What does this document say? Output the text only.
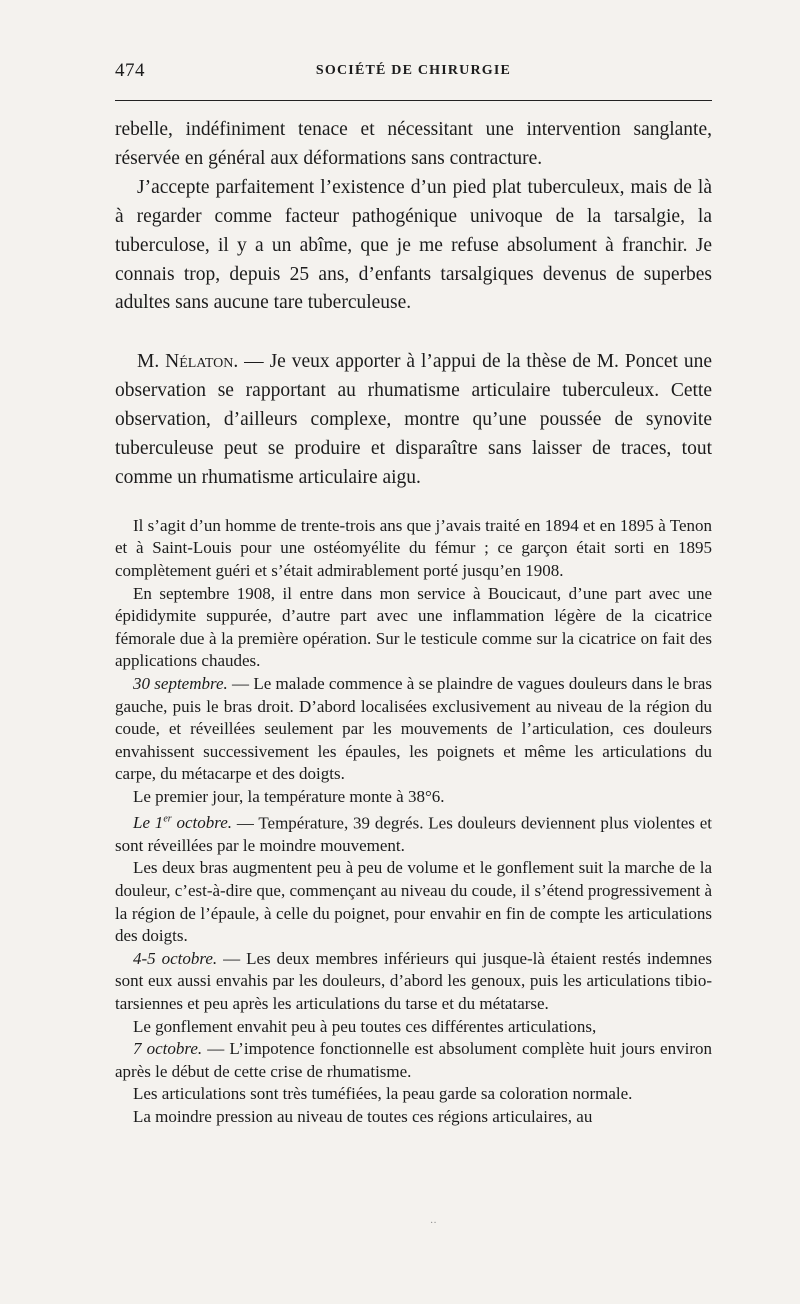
474	SOCIÉTÉ DE CHIRURGIE

rebelle, indéfiniment tenace et nécessitant une intervention sanglante, réservée en général aux déformations sans contracture.

J’accepte parfaitement l’existence d’un pied plat tuberculeux, mais de là à regarder comme facteur pathogénique univoque de la tarsalgie, la tuberculose, il y a un abîme, que je me refuse absolument à franchir. Je connais trop, depuis 25 ans, d’enfants tarsalgiques devenus de superbes adultes sans aucune tare tuberculeuse.

M. Nélaton. — Je veux apporter à l’appui de la thèse de M. Poncet une observation se rapportant au rhumatisme articulaire tuberculeux. Cette observation, d’ailleurs complexe, montre qu’une poussée de synovite tuberculeuse peut se produire et disparaître sans laisser de traces, tout comme un rhumatisme articulaire aigu.

Il s’agit d’un homme de trente-trois ans que j’avais traité en 1894 et en 1895 à Tenon et à Saint-Louis pour une ostéomyélite du fémur ; ce garçon était sorti en 1895 complètement guéri et s’était admirablement porté jusqu’en 1908.

En septembre 1908, il entre dans mon service à Boucicaut, d’une part avec une épididymite suppurée, d’autre part avec une inflammation légère de la cicatrice fémorale due à la première opération. Sur le testicule comme sur la cicatrice on fait des applications chaudes.

30 septembre. — Le malade commence à se plaindre de vagues douleurs dans le bras gauche, puis le bras droit. D’abord localisées exclusivement au niveau de la région du coude, et réveillées seulement par les mouvements de l’articulation, ces douleurs envahissent successivement les épaules, les poignets et même les articulations du carpe, du métacarpe et des doigts.

Le premier jour, la température monte à 38°6.

Le 1er octobre. — Température, 39 degrés. Les douleurs deviennent plus violentes et sont réveillées par le moindre mouvement.

Les deux bras augmentent peu à peu de volume et le gonflement suit la marche de la douleur, c’est-à-dire que, commençant au niveau du coude, il s’étend progressivement à la région de l’épaule, à celle du poignet, pour envahir en fin de compte les articulations des doigts.

4-5 octobre. — Les deux membres inférieurs qui jusque-là étaient restés indemnes sont eux aussi envahis par les douleurs, d’abord les genoux, puis les articulations tibio-tarsiennes et peu après les articulations du tarse et du métatarse.

Le gonflement envahit peu à peu toutes ces différentes articulations,

7 octobre. — L’impotence fonctionnelle est absolument complète huit jours environ après le début de cette crise de rhumatisme.

Les articulations sont très tuméfiées, la peau garde sa coloration normale.

La moindre pression au niveau de toutes ces régions articulaires, au

··
